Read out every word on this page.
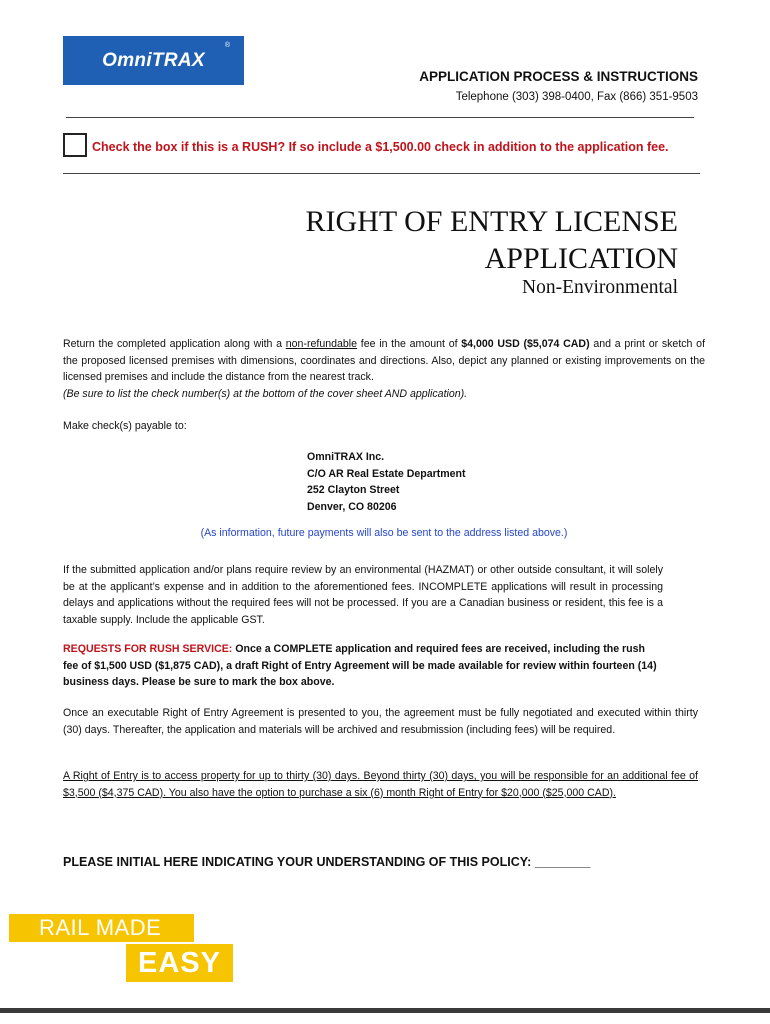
OmniTRAX
®
APPLICATION PROCESS & INSTRUCTIONS
Telephone (303) 398-0400, Fax (866) 351-9503
Check the box if this is a RUSH? If so include a $1,500.00 check in addition to the application fee.
RIGHT OF ENTRY LICENSE
APPLICATION
Non-Environmental
Return the completed application along with a non-refundable fee in the amount of $4,000 USD ($5,074 CAD) and a print or sketch of the proposed licensed premises with dimensions, coordinates and directions. Also, depict any planned or existing improvements on the licensed premises and include the distance from the nearest track.
(Be sure to list the check number(s) at the bottom of the cover sheet AND application).
Make check(s) payable to:
OmniTRAX Inc.
C/O AR Real Estate Department
252 Clayton Street
Denver, CO 80206
(As information, future payments will also be sent to the address listed above.)
If the submitted application and/or plans require review by an environmental (HAZMAT) or other outside consultant, it will solely be at the applicant’s expense and in addition to the aforementioned fees. INCOMPLETE applications will result in processing delays and applications without the required fees will not be processed. If you are a Canadian business or resident, this fee is a taxable supply. Include the applicable GST.
REQUESTS FOR RUSH SERVICE: Once a COMPLETE application and required fees are received, including the rush fee of $1,500 USD ($1,875 CAD), a draft Right of Entry Agreement will be made available for review within fourteen (14) business days. Please be sure to mark the box above.
Once an executable Right of Entry Agreement is presented to you, the agreement must be fully negotiated and executed within thirty (30) days. Thereafter, the application and materials will be archived and resubmission (including fees) will be required.
A Right of Entry is to access property for up to thirty (30) days. Beyond thirty (30) days, you will be responsible for an additional fee of $3,500 ($4,375 CAD). You also have the option to purchase a six (6) month Right of Entry for $20,000 ($25,000 CAD).
PLEASE INITIAL HERE INDICATING YOUR UNDERSTANDING OF THIS POLICY: ________
RAIL MADE
EASY
